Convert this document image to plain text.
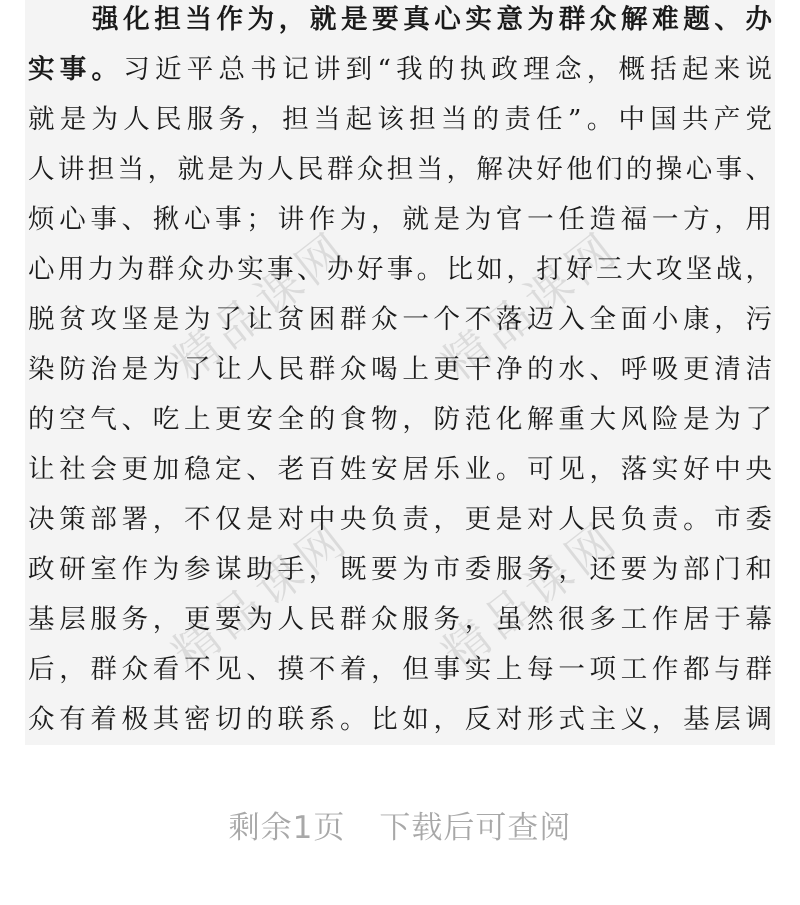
精品课网 精品课网
精品课网 精品课网
强化担当作为，就是要真心实意为群众解难题、办
实事。习近平总书记讲到“我的执政理念，概括起来说
就是为人民服务，担当起该担当的责任”。中国共产党
人讲担当，就是为人民群众担当，解决好他们的操心事、
烦心事、揪心事；讲作为，就是为官一任造福一方，用
心用力为群众办实事、办好事。比如，打好三大攻坚战，
脱贫攻坚是为了让贫困群众一个不落迈入全面小康，污
染防治是为了让人民群众喝上更干净的水、呼吸更清洁
的空气、吃上更安全的食物，防范化解重大风险是为了
让社会更加稳定、老百姓安居乐业。可见，落实好中央
决策部署，不仅是对中央负责，更是对人民负责。市委
政研室作为参谋助手，既要为市委服务，还要为部门和
基层服务，更要为人民群众服务，虽然很多工作居于幕
后，群众看不见、摸不着，但事实上每一项工作都与群
众有着极其密切的联系。比如，反对形式主义，基层调
剩余1页 下载后可查阅
